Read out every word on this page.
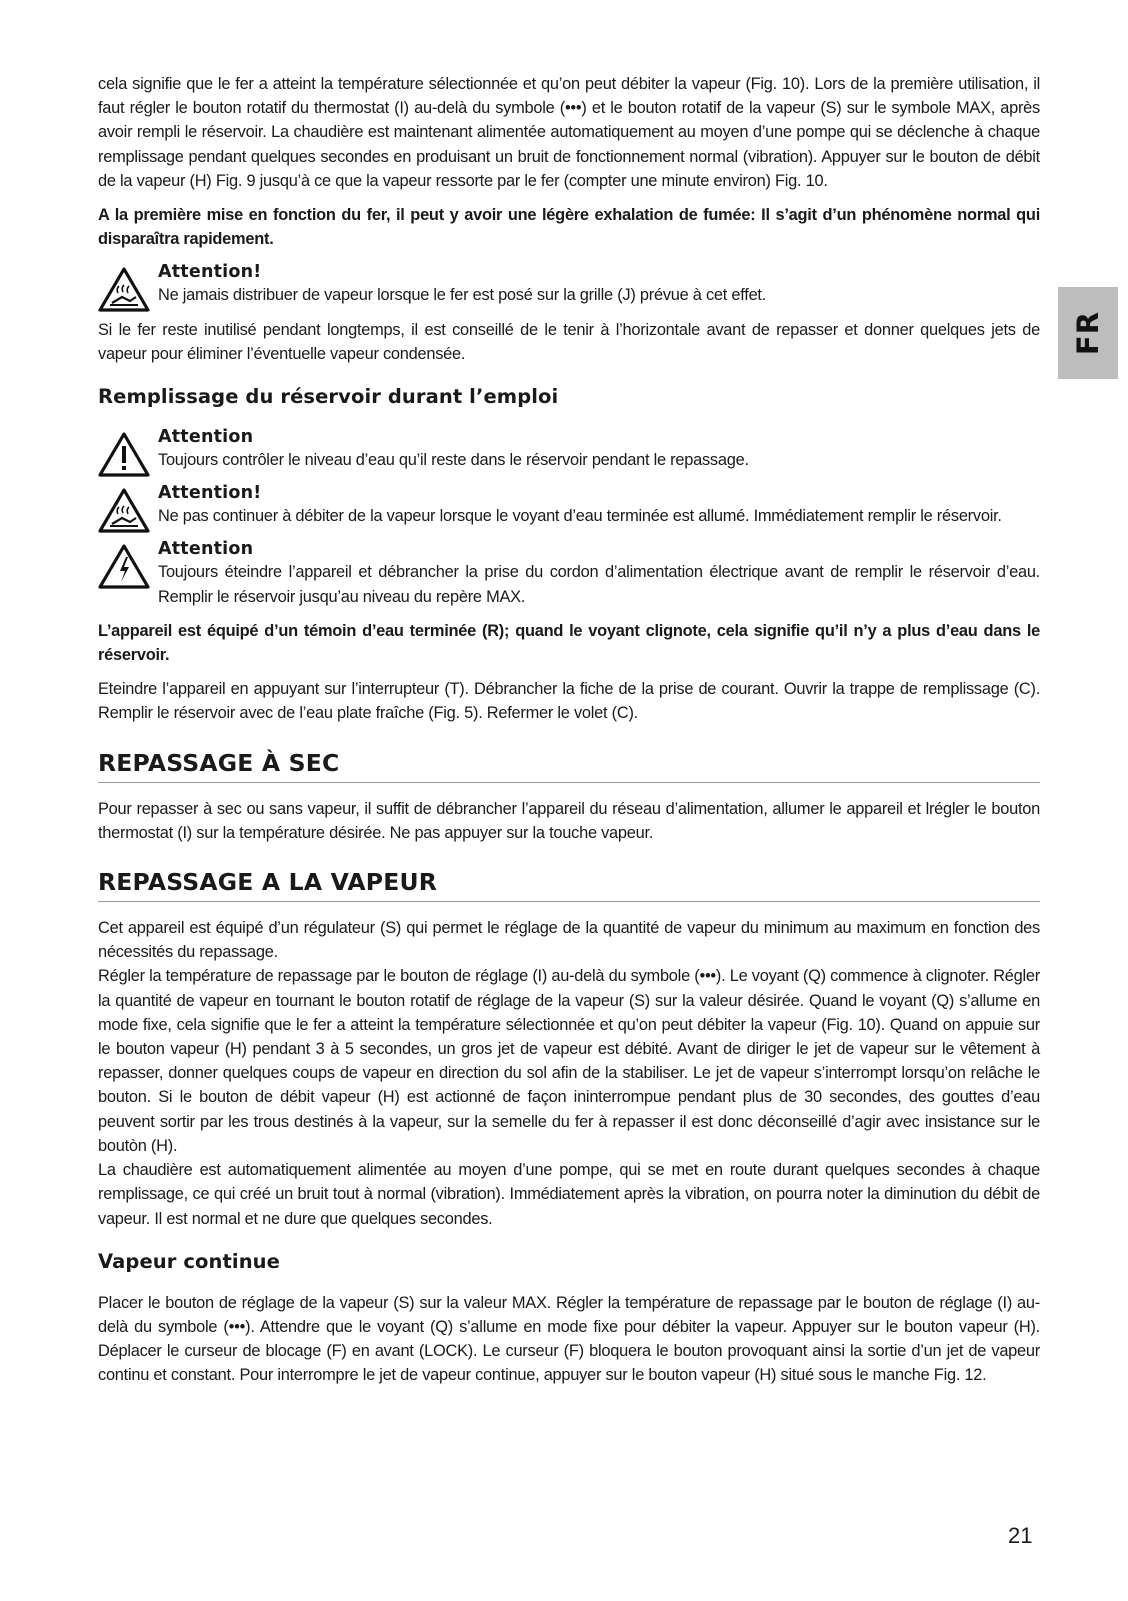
FR

cela signifie que le fer a atteint la température sélectionnée et qu’on peut débiter la vapeur (Fig. 10). Lors de la première utilisation, il faut régler le bouton rotatif du thermostat (I) au-delà du symbole (•••) et le bouton rotatif de la vapeur (S) sur le symbole MAX, après avoir rempli le réservoir. La chaudière est maintenant alimentée automatiquement au moyen d’une pompe qui se déclenche à chaque remplissage pendant quelques secondes en produisant un bruit de fonctionnement normal (vibration). Appuyer sur le bouton de débit de la vapeur (H) Fig. 9 jusqu’à ce que la vapeur ressorte par le fer (compter une minute environ) Fig. 10.

A la première mise en fonction du fer, il peut y avoir une légère exhalation de fumée: Il s’agit d’un phénomène normal qui disparaîtra rapidement.

Attention!

Ne jamais distribuer de vapeur lorsque le fer est posé sur la grille (J) prévue à cet effet.

Si le fer reste inutilisé pendant longtemps, il est conseillé de le tenir à l’horizontale avant de repasser et donner quelques jets de vapeur pour éliminer l’éventuelle vapeur condensée.

Remplissage du réservoir durant l’emploi
Attention

Toujours contrôler le niveau d’eau qu’il reste dans le réservoir pendant le repassage.

Attention!

Ne pas continuer à débiter de la vapeur lorsque le voyant d’eau terminée est allumé. Immédiatement remplir le réservoir.

Attention

Toujours éteindre l’appareil et débrancher la prise du cordon d’alimentation électrique avant de remplir le réservoir d’eau. Remplir le réservoir jusqu’au niveau du repère MAX.

L’appareil est équipé d’un témoin d’eau terminée (R); quand le voyant clignote, cela signifie qu’il n’y a plus d’eau dans le réservoir.

Eteindre l’appareil en appuyant sur l’interrupteur (T). Débrancher la fiche de la prise de courant. Ouvrir la trappe de remplissage (C). Remplir le réservoir avec de l’eau plate fraîche (Fig. 5). Refermer le volet (C).

REPASSAGE À SEC

Pour repasser à sec ou sans vapeur, il suffit de débrancher l’appareil du réseau d’alimentation, allumer le appareil et lrégler le bouton thermostat (I) sur la température désirée. Ne pas appuyer sur la touche vapeur.

REPASSAGE A LA VAPEUR

Cet appareil est équipé d’un régulateur (S) qui permet le réglage de la quantité de vapeur du minimum au maximum en fonction des nécessités du repassage.

Régler la température de repassage par le bouton de réglage (I) au-delà du symbole (•••). Le voyant (Q) commence à clignoter. Régler la quantité de vapeur en tournant le bouton rotatif de réglage de la vapeur (S) sur la valeur désirée. Quand le voyant (Q) s’allume en mode fixe, cela signifie que le fer a atteint la température sélectionnée et qu’on peut débiter la vapeur (Fig. 10). Quand on appuie sur le bouton vapeur (H) pendant 3 à 5 secondes, un gros jet de vapeur est débité. Avant de diriger le jet de vapeur sur le vêtement à repasser, donner quelques coups de vapeur en direction du sol afin de la stabiliser. Le jet de vapeur s’interrompt lorsqu’on relâche le bouton. Si le bouton de débit vapeur (H) est actionné de façon ininterrompue pendant plus de 30 secondes, des gouttes d’eau peuvent sortir par les trous destinés à la vapeur, sur la semelle du fer à repasser il est donc déconseillé d’agir avec insistance sur le boutòn (H).

La chaudière est automatiquement alimentée au moyen d’une pompe, qui se met en route durant quelques secondes à chaque remplissage, ce qui créé un bruit tout à normal (vibration). Immédiatement après la vibration, on pourra noter la diminution du débit de vapeur. Il est normal et ne dure que quelques secondes.

Vapeur continue

Placer le bouton de réglage de la vapeur (S) sur la valeur MAX. Régler la température de repassage par le bouton de réglage (I) au-delà du symbole (•••). Attendre que le voyant (Q) s’allume en mode fixe pour débiter la vapeur. Appuyer sur le bouton vapeur (H). Déplacer le curseur de blocage (F) en avant (LOCK). Le curseur (F) bloquera le bouton provoquant ainsi la sortie d’un jet de vapeur continu et constant. Pour interrompre le jet de vapeur continue, appuyer sur le bouton vapeur (H) situé sous le manche Fig. 12.

21
